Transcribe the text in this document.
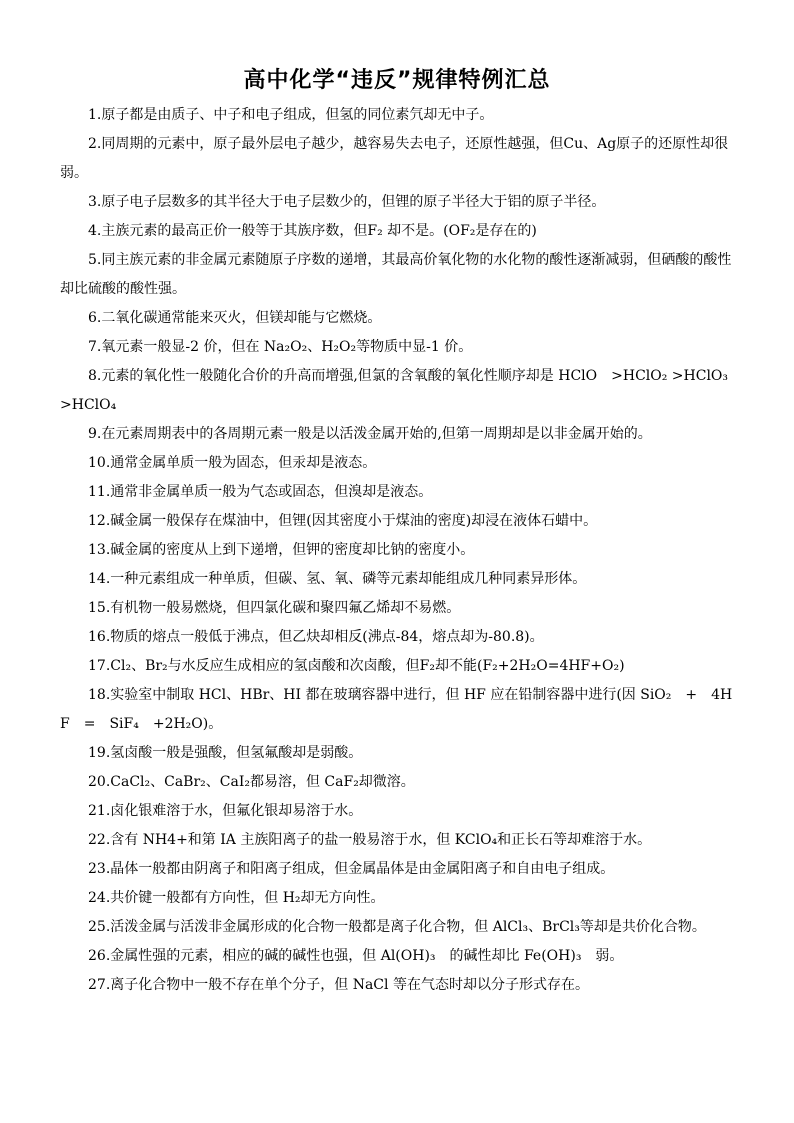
高中化学“违反”规律特例汇总
1.原子都是由质子、中子和电子组成，但氢的同位素氕却无中子。
2.同周期的元素中，原子最外层电子越少，越容易失去电子，还原性越强，但Cu、Ag原子的还原性却很弱。
3.原子电子层数多的其半径大于电子层数少的，但锂的原子半径大于铝的原子半径。
4.主族元素的最高正价一般等于其族序数，但F₂ 却不是。(OF₂是存在的)
5.同主族元素的非金属元素随原子序数的递增，其最高价氧化物的水化物的酸性逐渐减弱，但硒酸的酸性却比硫酸的酸性强。
6.二氧化碳通常能来灭火，但镁却能与它燃烧。
7.氧元素一般显-2 价，但在 Na₂O₂、H₂O₂等物质中显-1 价。
8.元素的氧化性一般随化合价的升高而增强,但氯的含氧酸的氧化性顺序却是 HClO　>HClO₂ >HClO₃　>HClO₄
9.在元素周期表中的各周期元素一般是以活泼金属开始的,但第一周期却是以非金属开始的。
10.通常金属单质一般为固态，但汞却是液态。
11.通常非金属单质一般为气态或固态，但溴却是液态。
12.碱金属一般保存在煤油中，但锂(因其密度小于煤油的密度)却浸在液体石蜡中。
13.碱金属的密度从上到下递增，但钾的密度却比钠的密度小。
14.一种元素组成一种单质，但碳、氢、氧、磷等元素却能组成几种同素异形体。
15.有机物一般易燃烧，但四氯化碳和聚四氟乙烯却不易燃。
16.物质的熔点一般低于沸点，但乙炔却相反(沸点-84，熔点却为-80.8)。
17.Cl₂、Br₂与水反应生成相应的氢卤酸和次卤酸，但F₂却不能(F₂+2H₂O=4HF+O₂)
18.实验室中制取 HCl、HBr、HI 都在玻璃容器中进行，但 HF 应在铅制容器中进行(因 SiO₂　+　4HF　=　SiF₄　+2H₂O)。
19.氢卤酸一般是强酸，但氢氟酸却是弱酸。
20.CaCl₂、CaBr₂、CaI₂都易溶，但 CaF₂却微溶。
21.卤化银难溶于水，但氟化银却易溶于水。
22.含有 NH4+和第 IA 主族阳离子的盐一般易溶于水，但 KClO₄和正长石等却难溶于水。
23.晶体一般都由阴离子和阳离子组成，但金属晶体是由金属阳离子和自由电子组成。
24.共价键一般都有方向性，但 H₂却无方向性。
25.活泼金属与活泼非金属形成的化合物一般都是离子化合物，但 AlCl₃、BrCl₃等却是共价化合物。
26.金属性强的元素，相应的碱的碱性也强，但 Al(OH)₃　的碱性却比 Fe(OH)₃　弱。
27.离子化合物中一般不存在单个分子，但 NaCl 等在气态时却以分子形式存在。
